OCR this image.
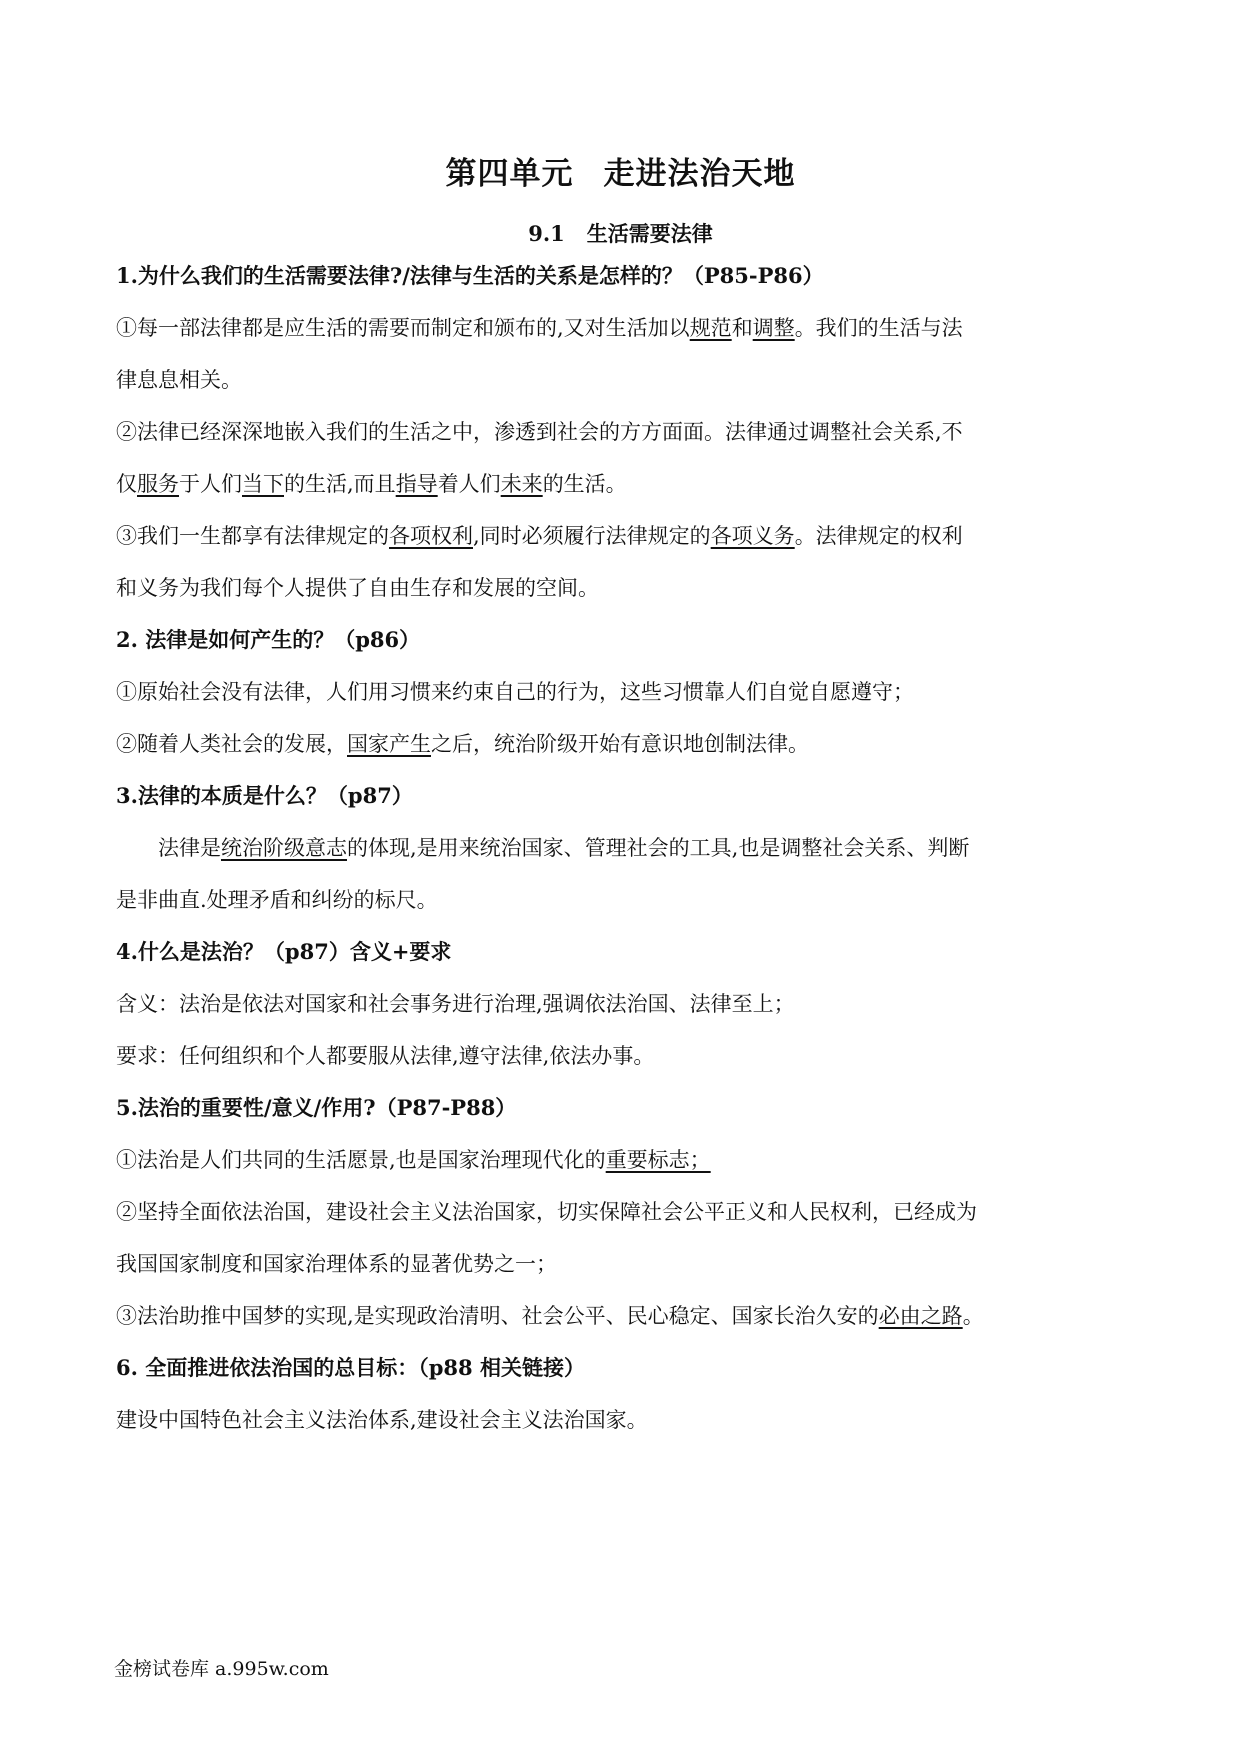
第四单元 走进法治天地
9.1 生活需要法律
1.为什么我们的生活需要法律?/法律与生活的关系是怎样的？（P85-P86）
①每一部法律都是应生活的需要而制定和颁布的,又对生活加以规范和调整。我们的生活与法
律息息相关。
②法律已经深深地嵌入我们的生活之中，渗透到社会的方方面面。法律通过调整社会关系,不
仅服务于人们当下的生活,而且指导着人们未来的生活。
③我们一生都享有法律规定的各项权利,同时必须履行法律规定的各项义务。法律规定的权利
和义务为我们每个人提供了自由生存和发展的空间。
2. 法律是如何产生的？（p86）
①原始社会没有法律，人们用习惯来约束自己的行为，这些习惯靠人们自觉自愿遵守；
②随着人类社会的发展，国家产生之后，统治阶级开始有意识地创制法律。
3.法律的本质是什么？（p87）
法律是统治阶级意志的体现,是用来统治国家、管理社会的工具,也是调整社会关系、判断
是非曲直.处理矛盾和纠纷的标尺。
4.什么是法治？（p87）含义+要求
含义：法治是依法对国家和社会事务进行治理,强调依法治国、法律至上；
要求：任何组织和个人都要服从法律,遵守法律,依法办事。
5.法治的重要性/意义/作用?（P87-P88）
①法治是人们共同的生活愿景,也是国家治理现代化的重要标志；
②坚持全面依法治国，建设社会主义法治国家，切实保障社会公平正义和人民权利，已经成为
我国国家制度和国家治理体系的显著优势之一；
③法治助推中国梦的实现,是实现政治清明、社会公平、民心稳定、国家长治久安的必由之路。
6. 全面推进依法治国的总目标：（p88 相关链接）
建设中国特色社会主义法治体系,建设社会主义法治国家。
金榜试卷库 a.995w.com
